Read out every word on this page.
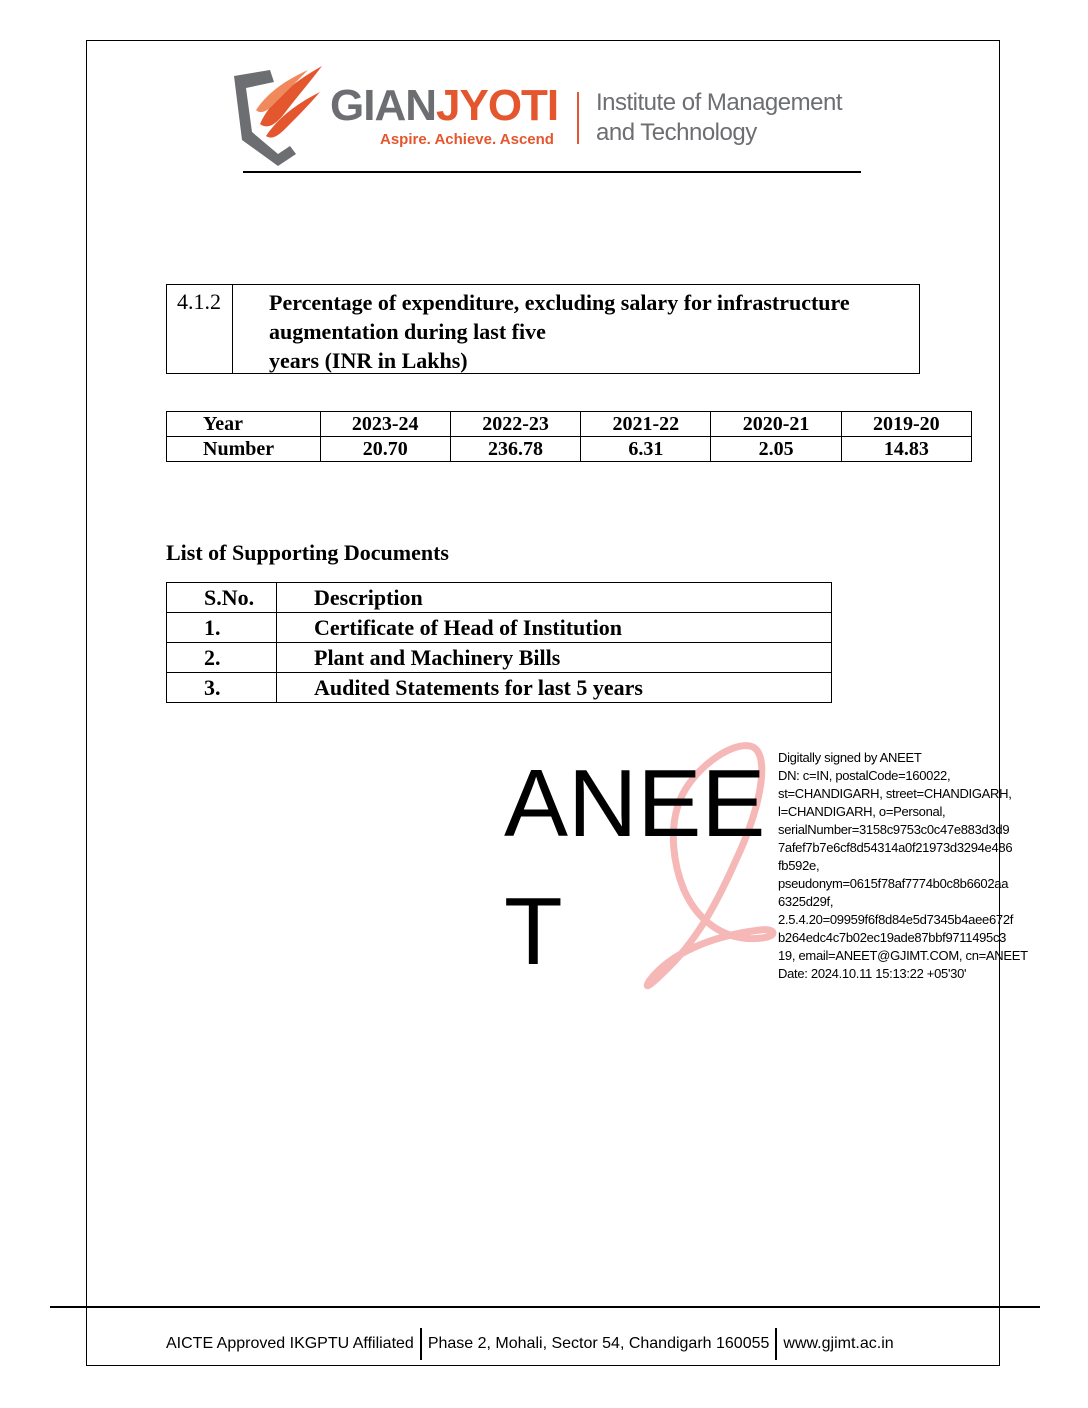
GIANJYOTI
Aspire. Achieve. Ascend
Institute of Management
and Technology
4.1.2	Percentage of expenditure, excluding salary for infrastructure
augmentation during last five
years (INR in Lakhs)
Year	2023-24	2022-23	2021-22	2020-21	2019-20
Number	20.70	236.78	6.31	2.05	14.83
List of Supporting Documents
S.No.	Description
1.	Certificate of Head of Institution
2.	Plant and Machinery Bills
3.	Audited Statements for last 5 years
ANEE
T
Digitally signed by ANEET
DN: c=IN, postalCode=160022,
st=CHANDIGARH, street=CHANDIGARH,
l=CHANDIGARH, o=Personal,
serialNumber=3158c9753c0c47e883d3d9
7afef7b7e6cf8d54314a0f21973d3294e486
fb592e,
pseudonym=0615f78af7774b0c8b6602aa
6325d29f,
2.5.4.20=09959f6f8d84e5d7345b4aee672f
b264edc4c7b02ec19ade87bbf9711495c3
19, email=ANEET@GJIMT.COM, cn=ANEET
Date: 2024.10.11 15:13:22 +05'30'
AICTE Approved IKGPTU Affiliated Phase 2, Mohali, Sector 54, Chandigarh 160055 www.gjimt.ac.in
